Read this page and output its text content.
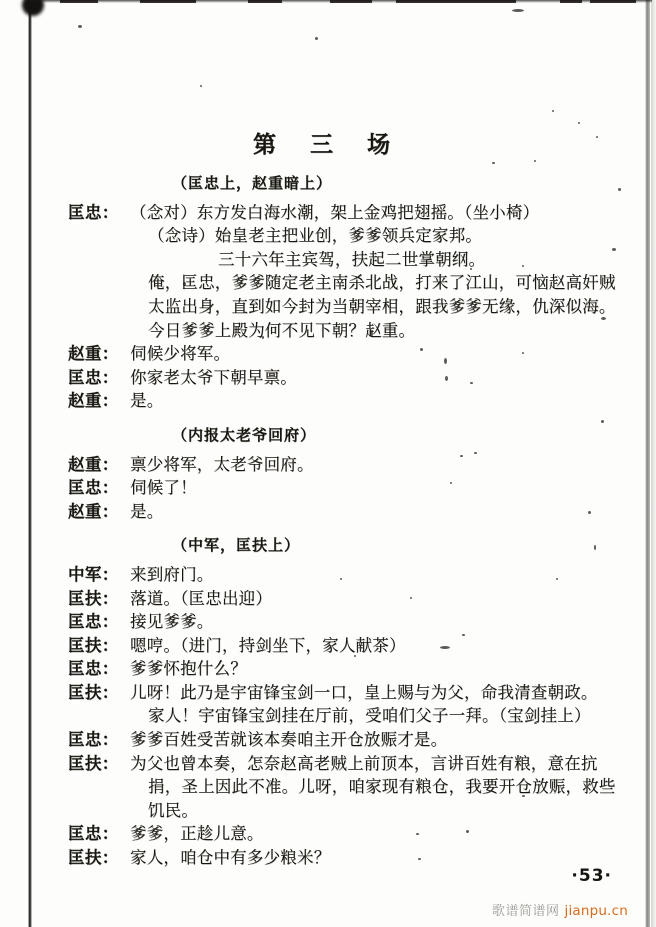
第 三 场
（匡忠上，赵重暗上）
匡忠： （念对）东方发白海水潮，架上金鸡把翅摇。（坐小椅）
（念诗）始皇老主把业创，爹爹领兵定家邦。
三十六年主宾驾，扶起二世掌朝纲。
俺，匡忠，爹爹随定老主南杀北战，打来了江山，可恼赵高奸贼
太监出身，直到如今封为当朝宰相，跟我爹爹无缘，仇深似海。
今日爹爹上殿为何不见下朝？赵重。
赵重： 伺候少将军。
匡忠： 你家老太爷下朝早禀。
赵重： 是。
（内报太老爷回府）
赵重： 禀少将军，太老爷回府。
匡忠： 伺候了！
赵重： 是。
（中军，匡扶上）
中军： 来到府门。
匡扶： 落道。（匡忠出迎）
匡忠： 接见爹爹。
匡扶： 嗯哼。（进门，持剑坐下，家人献茶）
匡忠： 爹爹怀抱什么？
匡扶： 儿呀！此乃是宇宙锋宝剑一口，皇上赐与为父，命我清查朝政。
家人！宇宙锋宝剑挂在厅前，受咱们父子一拜。（宝剑挂上）
匡忠： 爹爹百姓受苦就该本奏咱主开仓放赈才是。
匡扶： 为父也曾本奏，怎奈赵高老贼上前顶本，言讲百姓有粮，意在抗
捐，圣上因此不准。儿呀，咱家现有粮仓，我要开仓放赈，救些
饥民。
匡忠： 爹爹，正趁儿意。
匡扶： 家人，咱仓中有多少粮米？
·53·
歌谱简谱网 jianpu.cn
